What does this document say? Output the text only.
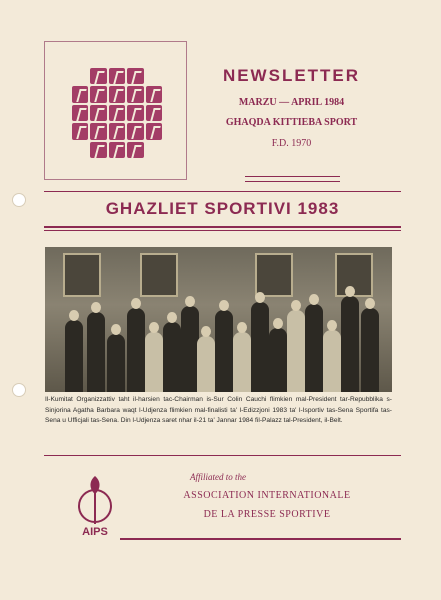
NEWSLETTER
MARZU — APRIL 1984
GHAQDA KITTIEBA SPORT
F.D. 1970
GHAZLIET SPORTIVI 1983
Il-Kumitat Organizzattiv taht il-harsien tac-Chairman is-Sur Colin Cauchi flimkien mal-President tar-Repubblika s-Sinjorina Agatha Barbara waqt l-Udjenza flimkien mal-finalisti ta' l-Edizzjoni 1983 ta' l-Isportiv tas-Sena Sportifa tas-Sena u Ufficjali tas-Sena. Din l-Udjenza saret nhar il-21 ta' Jannar 1984 fil-Palazz tal-President, il-Belt.
AIPS
Affiliated to the
ASSOCIATION INTERNATIONALE
DE LA PRESSE SPORTIVE
